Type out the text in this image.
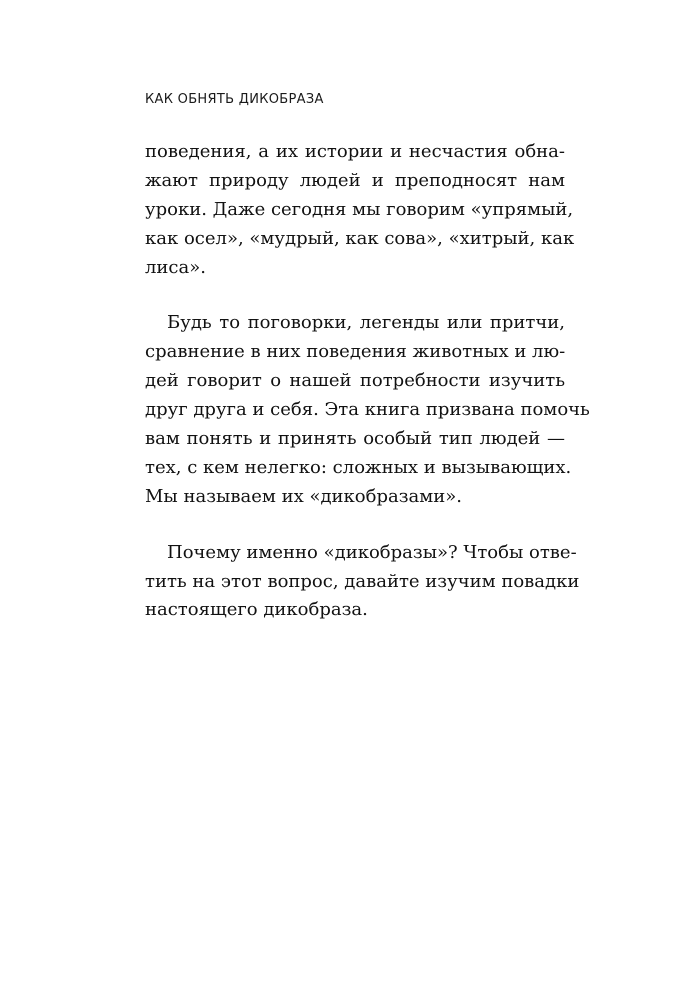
КАК ОБНЯТЬ ДИКОБРАЗА

поведения, а их истории и несчастия обна-
жают природу людей и преподносят нам
уроки. Даже сегодня мы говорим «упрямый,
как осел», «мудрый, как сова», «хитрый, как
лиса».

Будь то поговорки, легенды или притчи,
сравнение в них поведения животных и лю-
дей говорит о нашей потребности изучить
друг друга и себя. Эта книга призвана помочь
вам понять и принять особый тип людей —
тех, с кем нелегко: сложных и вызывающих.
Мы называем их «дикобразами».

Почему именно «дикобразы»? Чтобы отве-
тить на этот вопрос, давайте изучим повадки
настоящего дикобраза.
